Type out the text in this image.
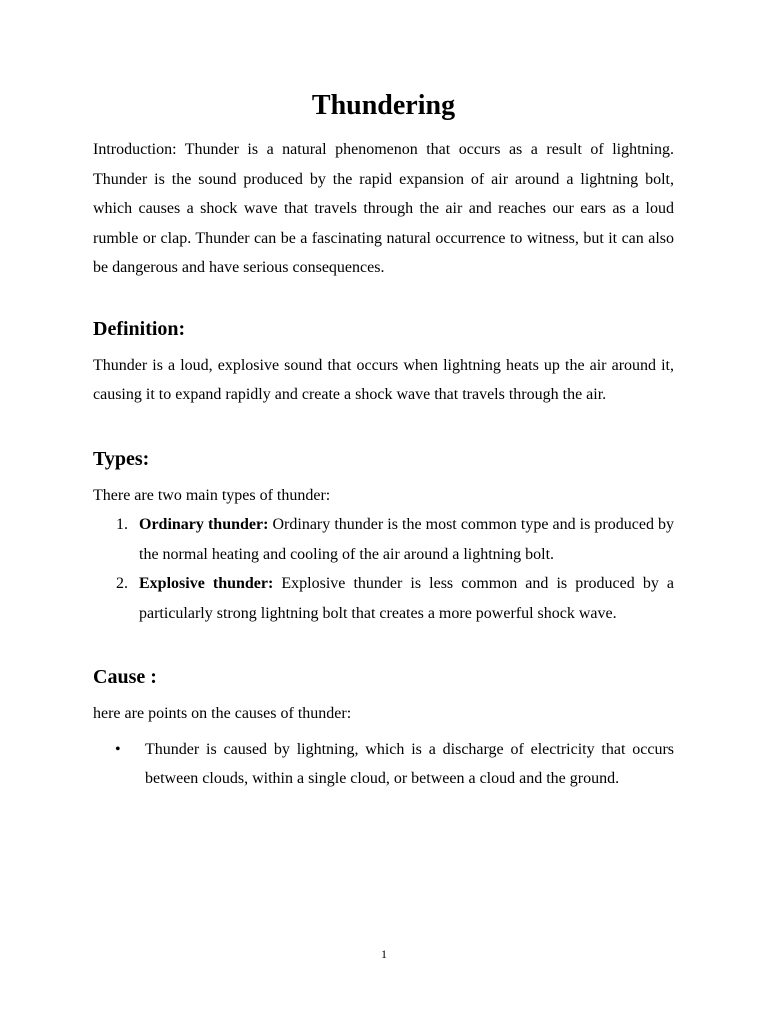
Thundering

Introduction: Thunder is a natural phenomenon that occurs as a result of lightning. Thunder is the sound produced by the rapid expansion of air around a lightning bolt, which causes a shock wave that travels through the air and reaches our ears as a loud rumble or clap. Thunder can be a fascinating natural occurrence to witness, but it can also be dangerous and have serious consequences.

Definition:

Thunder is a loud, explosive sound that occurs when lightning heats up the air around it, causing it to expand rapidly and create a shock wave that travels through the air.

Types:

There are two main types of thunder:

1. Ordinary thunder: Ordinary thunder is the most common type and is produced by the normal heating and cooling of the air around a lightning bolt.
2. Explosive thunder: Explosive thunder is less common and is produced by a particularly strong lightning bolt that creates a more powerful shock wave.
Cause :

here are points on the causes of thunder:

• Thunder is caused by lightning, which is a discharge of electricity that occurs between clouds, within a single cloud, or between a cloud and the ground.
1
